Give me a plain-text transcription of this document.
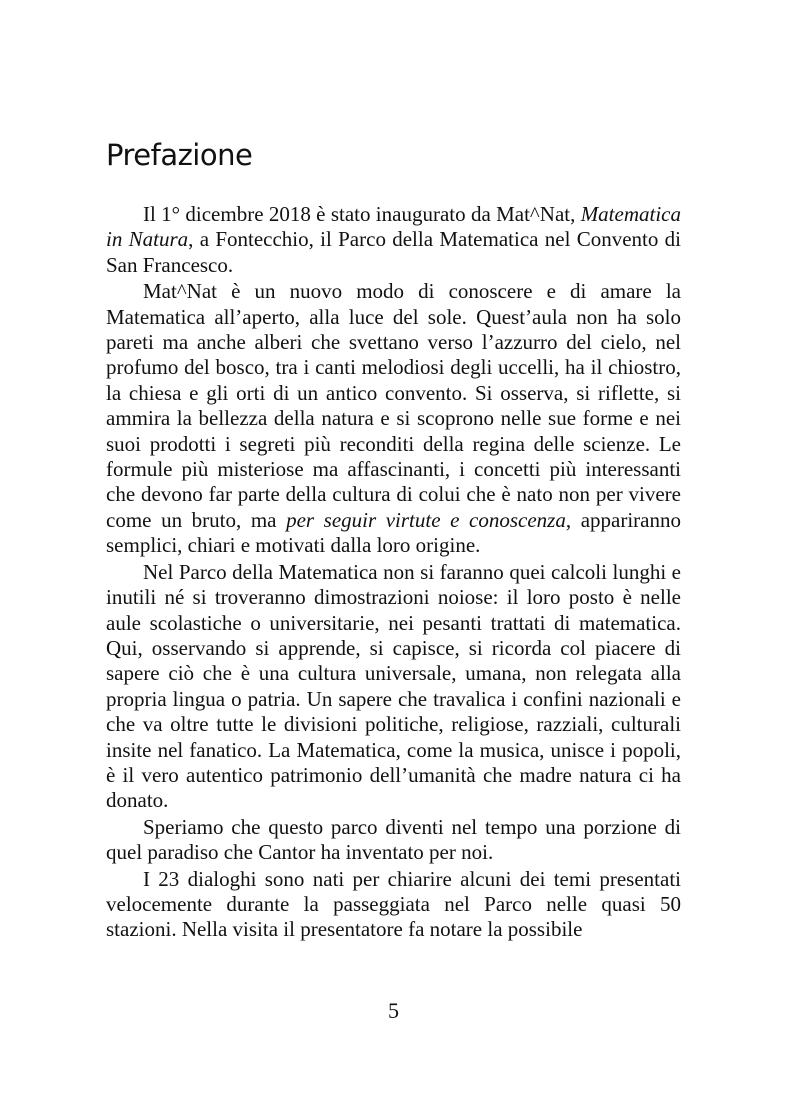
Prefazione

Il 1° dicembre 2018 è stato inaugurato da Mat^Nat, Matematica in Natura, a Fontecchio, il Parco della Matematica nel Convento di San Francesco.

Mat^Nat è un nuovo modo di conoscere e di amare la Matematica all’aperto, alla luce del sole. Quest’aula non ha solo pareti ma anche alberi che svettano verso l’azzurro del cielo, nel profumo del bosco, tra i canti melodiosi degli uccelli, ha il chiostro, la chiesa e gli orti di un antico convento. Si osserva, si riflette, si ammira la bellezza della natura e si scoprono nelle sue forme e nei suoi prodotti i segreti più reconditi della regina delle scienze. Le formule più misteriose ma affascinanti, i concetti più interessanti che devono far parte della cultura di colui che è nato non per vivere come un bruto, ma per seguir virtute e conoscenza, appariranno semplici, chiari e motivati dalla loro origine.

Nel Parco della Matematica non si faranno quei calcoli lunghi e inutili né si troveranno dimostrazioni noiose: il loro posto è nelle aule scolastiche o universitarie, nei pesanti trattati di matematica. Qui, osservando si apprende, si capisce, si ricorda col piacere di sapere ciò che è una cultura universale, umana, non relegata alla propria lingua o patria. Un sapere che travalica i confini nazionali e che va oltre tutte le divisioni politiche, religiose, razziali, culturali insite nel fanatico. La Matematica, come la musica, unisce i popoli, è il vero autentico patrimonio dell’umanità che madre natura ci ha donato.

Speriamo che questo parco diventi nel tempo una porzione di quel paradiso che Cantor ha inventato per noi.

I 23 dialoghi sono nati per chiarire alcuni dei temi presentati velocemente durante la passeggiata nel Parco nelle quasi 50 stazioni. Nella visita il presentatore fa notare la possibile

5
